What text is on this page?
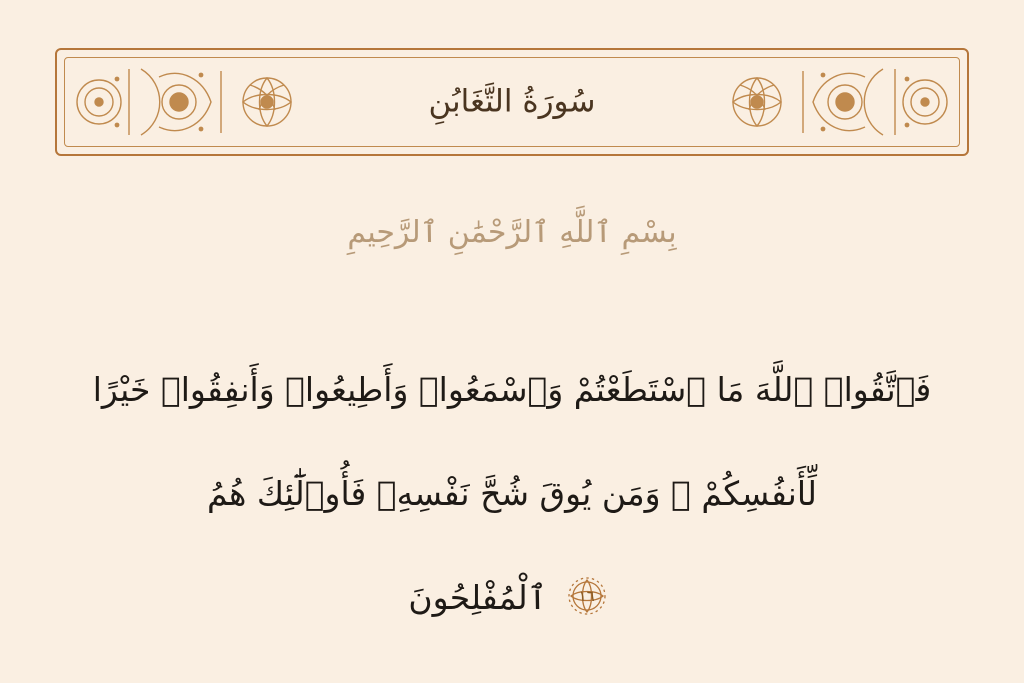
سُورَةُ التَّغَابُنِ
بِسْمِ ٱللَّهِ ٱلرَّحْمَٰنِ ٱلرَّحِيمِ
فَٱتَّقُوا۟ ٱللَّهَ مَا ٱسْتَطَعْتُمْ وَٱسْمَعُوا۟ وَأَطِيعُوا۟ وَأَنفِقُوا۟ خَيْرًا
لِّأَنفُسِكُمْ ۗ وَمَن يُوقَ شُحَّ نَفْسِهِۦ فَأُو۟لَٰٓئِكَ هُمُ
١٦
ٱلْمُفْلِحُونَ
